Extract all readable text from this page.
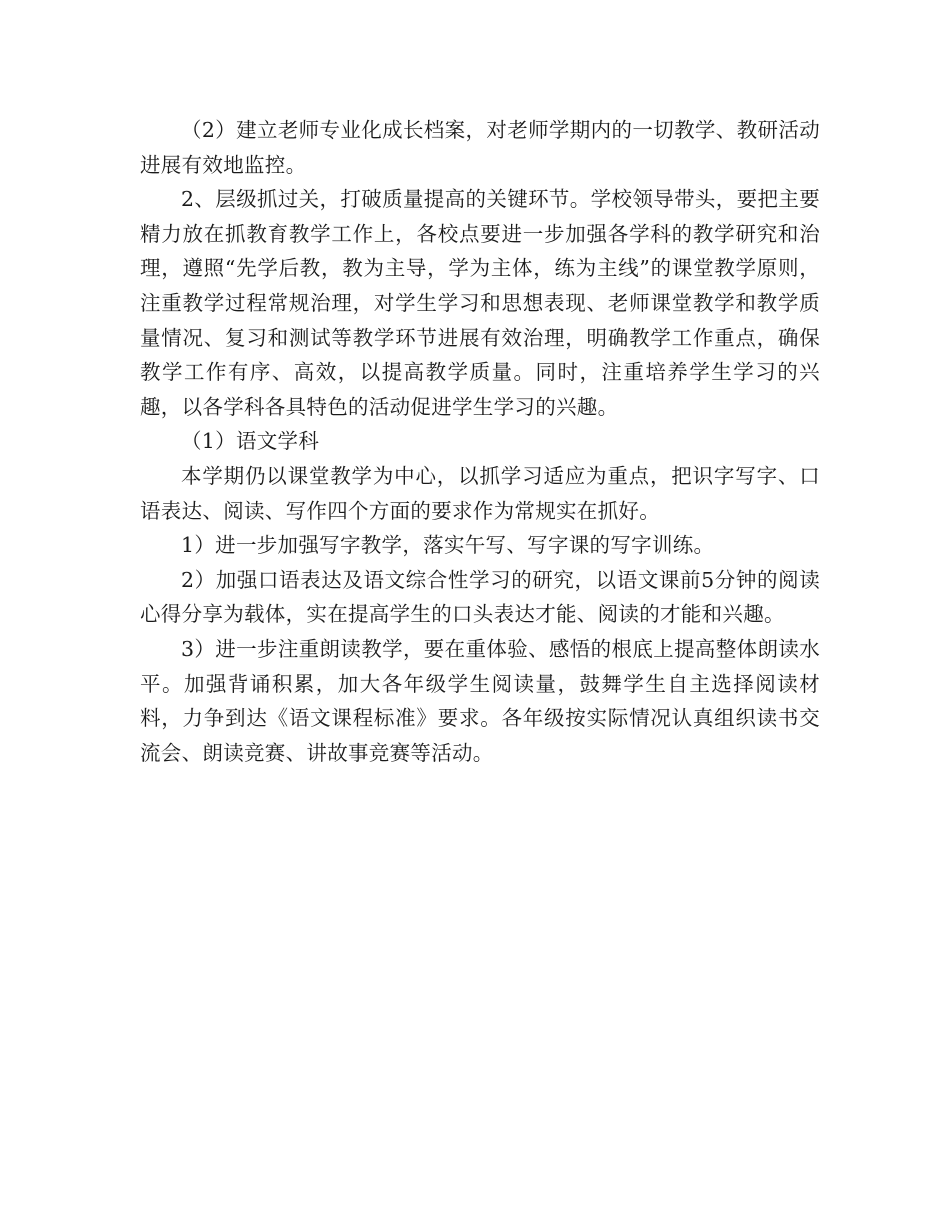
（2）建立老师专业化成长档案，对老师学期内的一切教学、教研活动进展有效地监控。

2、层级抓过关，打破质量提高的关键环节。学校领导带头，要把主要精力放在抓教育教学工作上，各校点要进一步加强各学科的教学研究和治理，遵照“先学后教，教为主导，学为主体，练为主线”的课堂教学原则，注重教学过程常规治理，对学生学习和思想表现、老师课堂教学和教学质量情况、复习和测试等教学环节进展有效治理，明确教学工作重点，确保教学工作有序、高效，以提高教学质量。同时，注重培养学生学习的兴趣，以各学科各具特色的活动促进学生学习的兴趣。

（1）语文学科

本学期仍以课堂教学为中心，以抓学习适应为重点，把识字写字、口语表达、阅读、写作四个方面的要求作为常规实在抓好。

1）进一步加强写字教学，落实午写、写字课的写字训练。

2）加强口语表达及语文综合性学习的研究，以语文课前5分钟的阅读心得分享为载体，实在提高学生的口头表达才能、阅读的才能和兴趣。

3）进一步注重朗读教学，要在重体验、感悟的根底上提高整体朗读水平。加强背诵积累，加大各年级学生阅读量，鼓舞学生自主选择阅读材料，力争到达《语文课程标准》要求。各年级按实际情况认真组织读书交流会、朗读竞赛、讲故事竞赛等活动。
